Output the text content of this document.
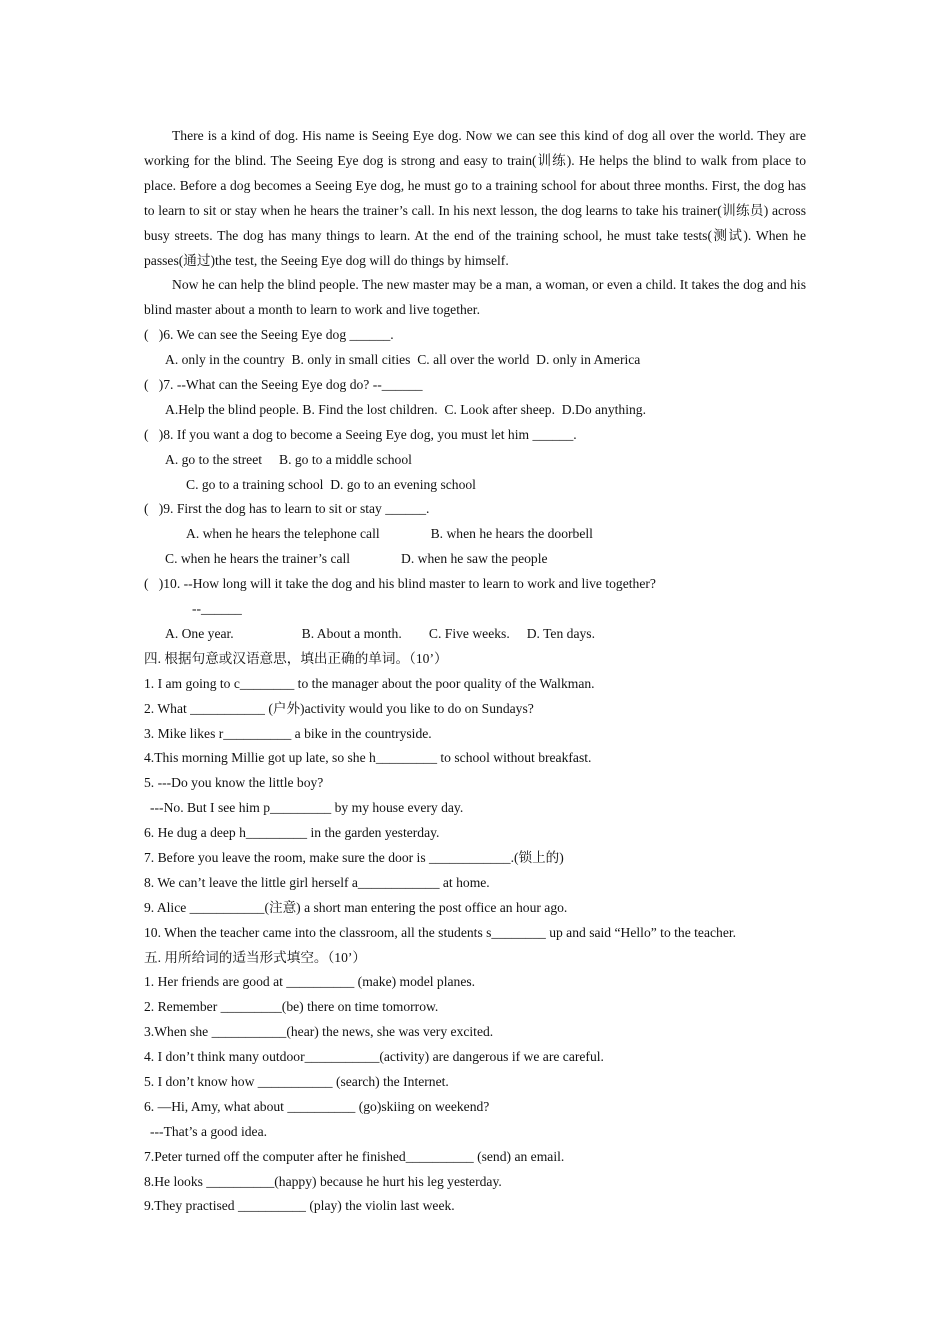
There is a kind of dog. His name is Seeing Eye dog. Now we can see this kind of dog all over the world. They are working for the blind. The Seeing Eye dog is strong and easy to train(训练). He helps the blind to walk from place to place. Before a dog becomes a Seeing Eye dog, he must go to a training school for about three months. First, the dog has to learn to sit or stay when he hears the trainer’s call. In his next lesson, the dog learns to take his trainer(训练员) across busy streets. The dog has many things to learn. At the end of the training school, he must take tests(测试). When he passes(通过)the test, the Seeing Eye dog will do things by himself.

Now he can help the blind people. The new master may be a man, a woman, or even a child. It takes the dog and his blind master about a month to learn to work and live together.

(   )6. We can see the Seeing Eye dog ______.
A. only in the country  B. only in small cities  C. all over the world  D. only in America
(   )7. --What can the Seeing Eye dog do? --______
A.Help the blind people. B. Find the lost children.  C. Look after sheep.  D.Do anything.
(   )8. If you want a dog to become a Seeing Eye dog, you must let him ______.
A. go to the street     B. go to a middle school
C. go to a training school  D. go to an evening school
(   )9. First the dog has to learn to sit or stay ______.
A. when he hears the telephone call               B. when he hears the doorbell
C. when he hears the trainer’s call               D. when he saw the people
(   )10. --How long will it take the dog and his blind master to learn to work and live together?
--______
A. One year.                    B. About a month.        C. Five weeks.     D. Ten days.
四. 根据句意或汉语意思，填出正确的单词。（10’）
1. I am going to c________ to the manager about the poor quality of the Walkman.
2. What ___________ (户外)activity would you like to do on Sundays?
3. Mike likes r__________ a bike in the countryside.
4.This morning Millie got up late, so she h_________ to school without breakfast.
5. ---Do you know the little boy?
---No. But I see him p_________ by my house every day.
6. He dug a deep h_________ in the garden yesterday.
7. Before you leave the room, make sure the door is ____________.(锁上的)
8. We can’t leave the little girl herself a____________ at home.
9. Alice ___________(注意) a short man entering the post office an hour ago.
10. When the teacher came into the classroom, all the students s________ up and said “Hello” to the teacher.
五. 用所给词的适当形式填空。（10’）
1. Her friends are good at __________ (make) model planes.
2. Remember _________(be) there on time tomorrow.
3.When she ___________(hear) the news, she was very excited.
4. I don’t think many outdoor___________(activity) are dangerous if we are careful.
5. I don’t know how ___________ (search) the Internet.
6. —Hi, Amy, what about __________ (go)skiing on weekend?
---That’s a good idea.
7.Peter turned off the computer after he finished__________ (send) an email.
8.He looks __________(happy) because he hurt his leg yesterday.
9.They practised __________ (play) the violin last week.
